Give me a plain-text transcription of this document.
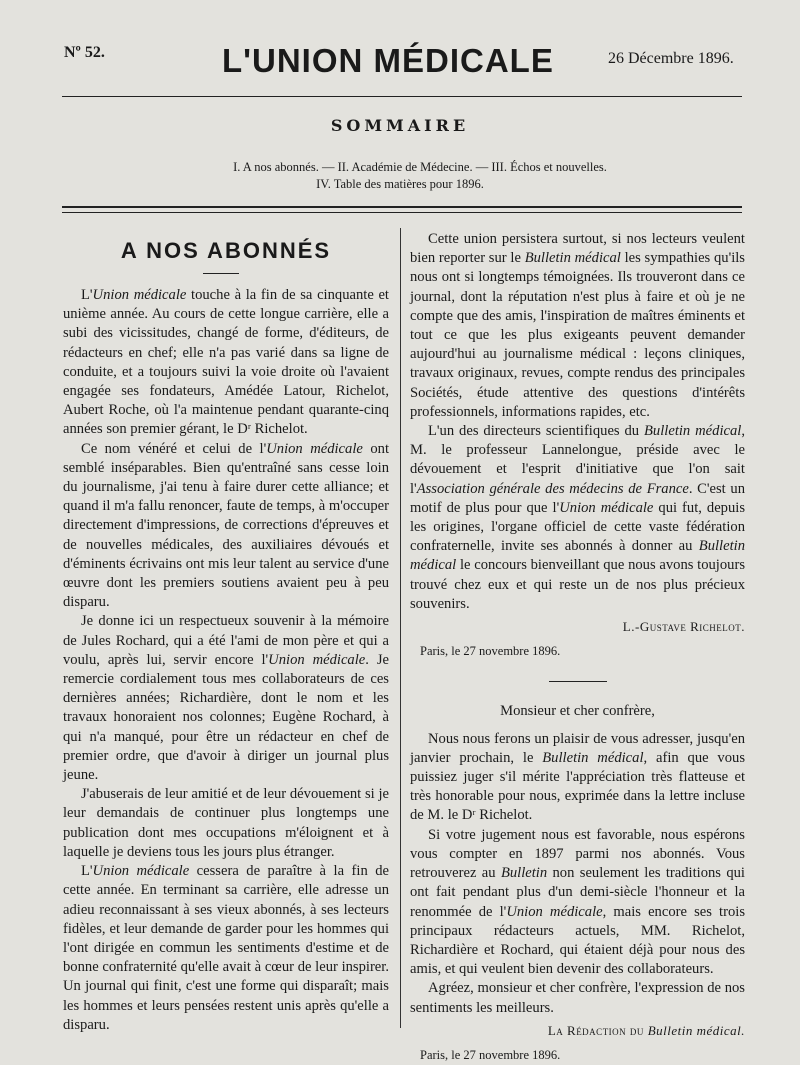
Nº 52.	L'UNION MÉDICALE	26 Décembre 1896.
SOMMAIRE
I. A nos abonnés. — II. Académie de Médecine. — III. Échos et nouvelles.
IV. Table des matières pour 1896.
A NOS ABONNÉS

L'Union médicale touche à la fin de sa cinquante et unième année. Au cours de cette longue carrière, elle a subi des vicissitudes, changé de forme, d'éditeurs, de rédacteurs en chef; elle n'a pas varié dans sa ligne de conduite, et a toujours suivi la voie droite où l'avaient engagée ses fondateurs, Amédée Latour, Richelot, Aubert Roche, où l'a maintenue pendant quarante-cinq années son premier gérant, le Dʳ Richelot.

Ce nom vénéré et celui de l'Union médicale ont semblé inséparables. Bien qu'entraîné sans cesse loin du journalisme, j'ai tenu à faire durer cette alliance; et quand il m'a fallu renoncer, faute de temps, à m'occuper directement d'impressions, de corrections d'épreuves et de nouvelles médicales, des auxiliaires dévoués et d'éminents écrivains ont mis leur talent au service d'une œuvre dont les premiers soutiens avaient peu à peu disparu.

Je donne ici un respectueux souvenir à la mémoire de Jules Rochard, qui a été l'ami de mon père et qui a voulu, après lui, servir encore l'Union médicale. Je remercie cordialement tous mes collaborateurs de ces dernières années; Richardière, dont le nom et les travaux honoraient nos colonnes; Eugène Rochard, à qui n'a manqué, pour être un rédacteur en chef de premier ordre, que d'avoir à diriger un journal plus jeune.

J'abuserais de leur amitié et de leur dévouement si je leur demandais de continuer plus longtemps une publication dont mes occupations m'éloignent et à laquelle je deviens tous les jours plus étranger.

L'Union médicale cessera de paraître à la fin de cette année. En terminant sa carrière, elle adresse un adieu reconnaissant à ses vieux abonnés, à ses lecteurs fidèles, et leur demande de garder pour les hommes qui l'ont dirigée en commun les sentiments d'estime et de bonne confraternité qu'elle avait à cœur de leur inspirer. Un journal qui finit, c'est une forme qui disparaît; mais les hommes et leurs pensées restent unis après qu'elle a disparu.

Cette union persistera surtout, si nos lecteurs veulent bien reporter sur le Bulletin médical les sympathies qu'ils nous ont si longtemps témoignées. Ils trouveront dans ce journal, dont la réputation n'est plus à faire et où je ne compte que des amis, l'inspiration de maîtres éminents et tout ce que les plus exigeants peuvent demander aujourd'hui au journalisme médical : leçons cliniques, travaux originaux, revues, compte rendus des principales Sociétés, étude attentive des questions d'intérêts professionnels, informations rapides, etc.

L'un des directeurs scientifiques du Bulletin médical, M. le professeur Lannelongue, préside avec le dévouement et l'esprit d'initiative que l'on sait l'Association générale des médecins de France. C'est un motif de plus pour que l'Union médicale qui fut, depuis les origines, l'organe officiel de cette vaste fédération confraternelle, invite ses abonnés à donner au Bulletin médical le concours bienveillant que nous avons toujours trouvé chez eux et qui reste un de nos plus précieux souvenirs.

L.-Gustave Richelot.
Paris, le 27 novembre 1896.

Monsieur et cher confrère,

Nous nous ferons un plaisir de vous adresser, jusqu'en janvier prochain, le Bulletin médical, afin que vous puissiez juger s'il mérite l'appréciation très flatteuse et très honorable pour nous, exprimée dans la lettre incluse de M. le Dʳ Richelot.

Si votre jugement nous est favorable, nous espérons vous compter en 1897 parmi nos abonnés. Vous retrouverez au Bulletin non seulement les traditions qui ont fait pendant plus d'un demi-siècle l'honneur et la renommée de l'Union médicale, mais encore ses trois principaux rédacteurs actuels, MM. Richelot, Richardière et Rochard, qui étaient déjà pour nous des amis, et qui veulent bien devenir des collaborateurs.

Agréez, monsieur et cher confrère, l'expression de nos sentiments les meilleurs.

La Rédaction du Bulletin médical.
Paris, le 27 novembre 1896.
